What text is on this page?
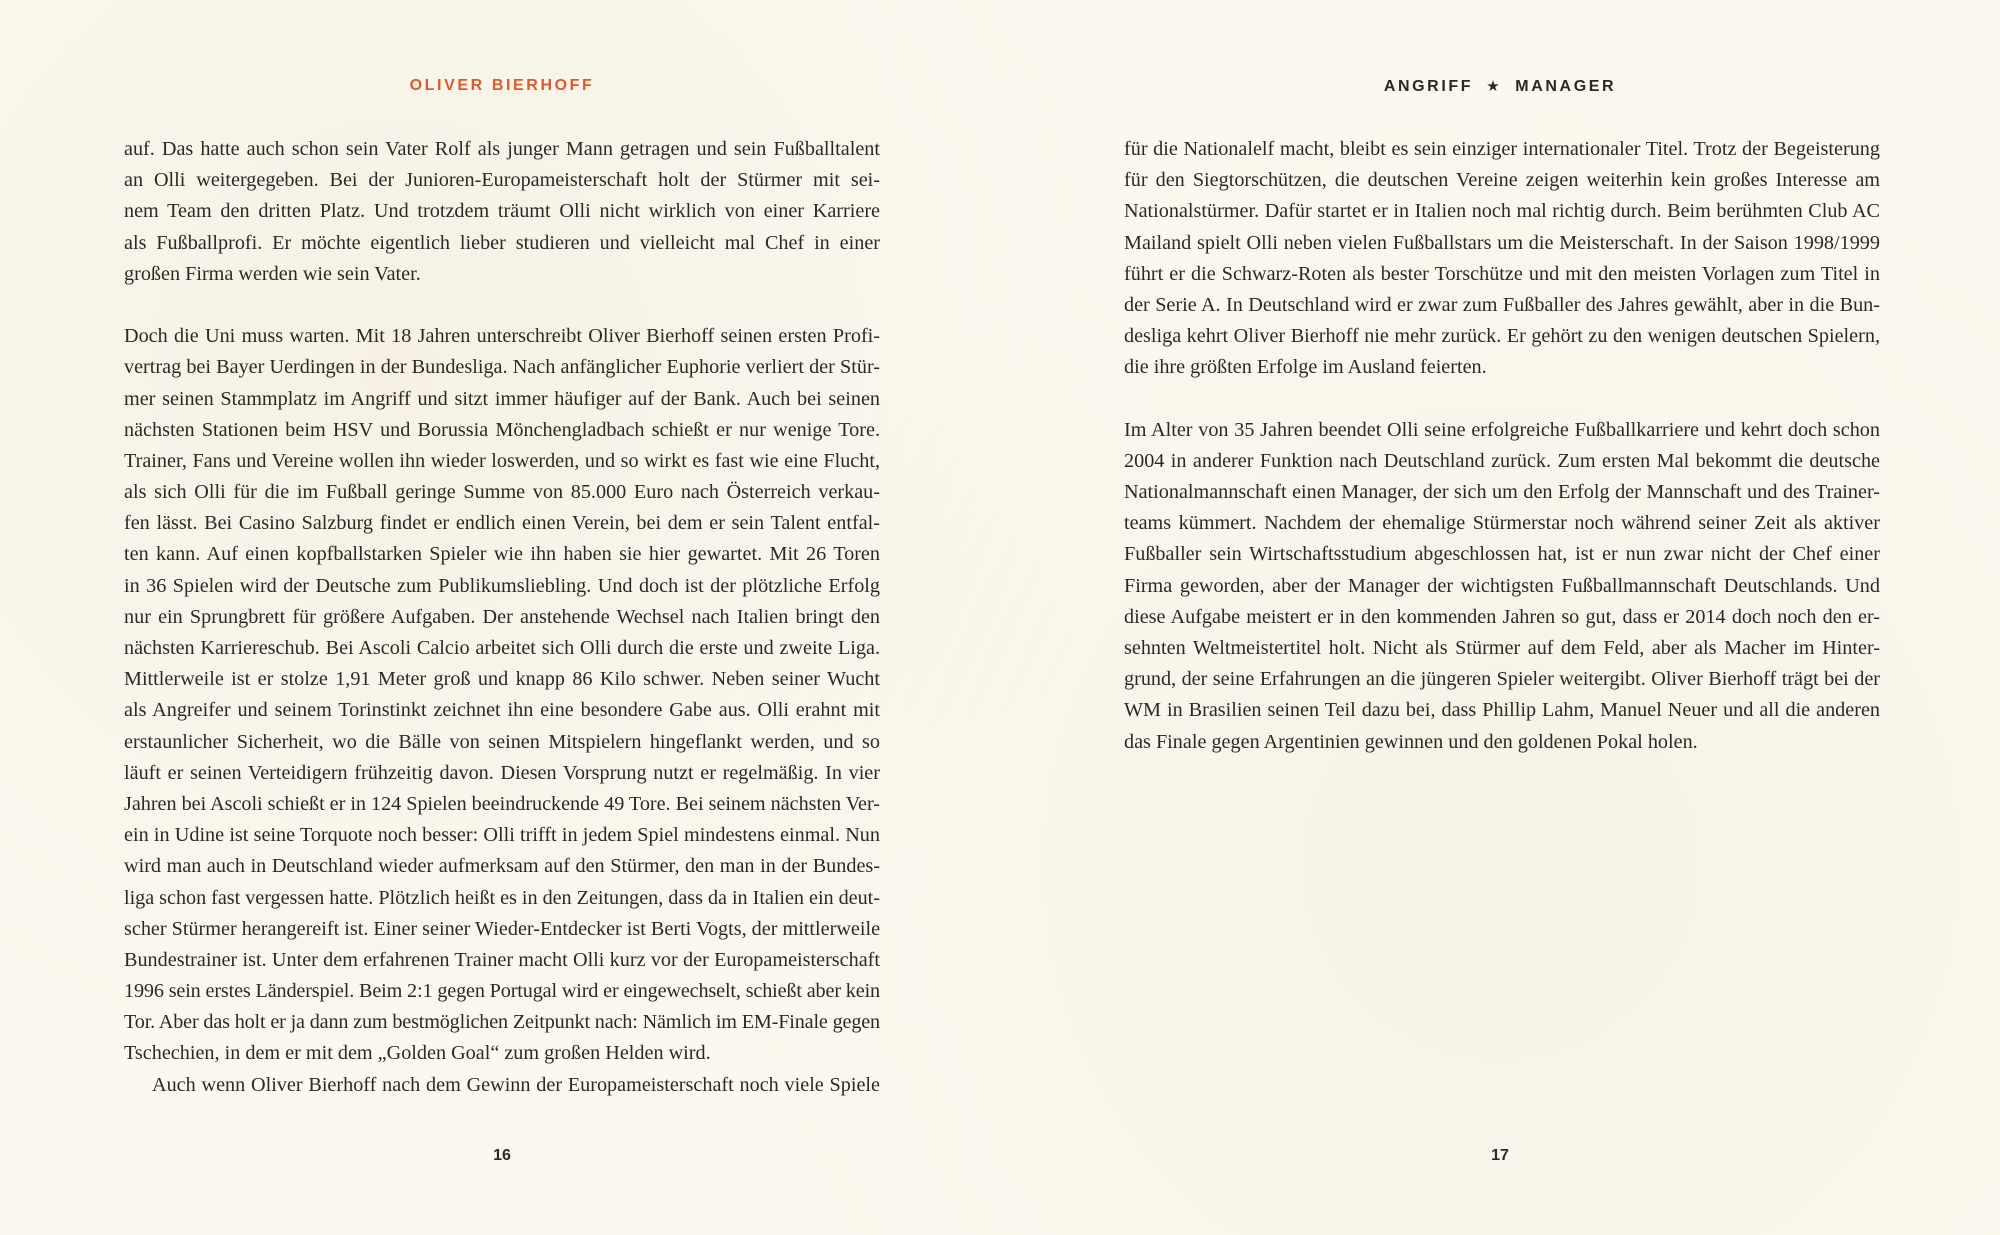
OLIVER BIERHOFF
auf. Das hatte auch schon sein Vater Rolf als junger Mann getragen und sein Fußballtalent
an Olli weitergegeben. Bei der Junioren-Europameisterschaft holt der Stürmer mit sei-
nem Team den dritten Platz. Und trotzdem träumt Olli nicht wirklich von einer Karriere
als Fußballprofi. Er möchte eigentlich lieber studieren und vielleicht mal Chef in einer
großen Firma werden wie sein Vater.
Doch die Uni muss warten. Mit 18 Jahren unterschreibt Oliver Bierhoff seinen ersten Profi-
vertrag bei Bayer Uerdingen in der Bundesliga. Nach anfänglicher Euphorie verliert der Stür-
mer seinen Stammplatz im Angriff und sitzt immer häufiger auf der Bank. Auch bei seinen
nächsten Stationen beim HSV und Borussia Mönchengladbach schießt er nur wenige Tore.
Trainer, Fans und Vereine wollen ihn wieder loswerden, und so wirkt es fast wie eine Flucht,
als sich Olli für die im Fußball geringe Summe von 85.000 Euro nach Österreich verkau-
fen lässt. Bei Casino Salzburg findet er endlich einen Verein, bei dem er sein Talent entfal-
ten kann. Auf einen kopfballstarken Spieler wie ihn haben sie hier gewartet. Mit 26 Toren
in 36 Spielen wird der Deutsche zum Publikumsliebling. Und doch ist der plötzliche Erfolg
nur ein Sprungbrett für größere Aufgaben. Der anstehende Wechsel nach Italien bringt den
nächsten Karriereschub. Bei Ascoli Calcio arbeitet sich Olli durch die erste und zweite Liga.
Mittlerweile ist er stolze 1,91 Meter groß und knapp 86 Kilo schwer. Neben seiner Wucht
als Angreifer und seinem Torinstinkt zeichnet ihn eine besondere Gabe aus. Olli erahnt mit
erstaunlicher Sicherheit, wo die Bälle von seinen Mitspielern hingeflankt werden, und so
läuft er seinen Verteidigern frühzeitig davon. Diesen Vorsprung nutzt er regelmäßig. In vier
Jahren bei Ascoli schießt er in 124 Spielen beeindruckende 49 Tore. Bei seinem nächsten Ver-
ein in Udine ist seine Torquote noch besser: Olli trifft in jedem Spiel mindestens einmal. Nun
wird man auch in Deutschland wieder aufmerksam auf den Stürmer, den man in der Bundes-
liga schon fast vergessen hatte. Plötzlich heißt es in den Zeitungen, dass da in Italien ein deut-
scher Stürmer herangereift ist. Einer seiner Wieder-Entdecker ist Berti Vogts, der mittlerweile
Bundestrainer ist. Unter dem erfahrenen Trainer macht Olli kurz vor der Europameisterschaft
1996 sein erstes Länderspiel. Beim 2:1 gegen Portugal wird er eingewechselt, schießt aber kein
Tor. Aber das holt er ja dann zum bestmöglichen Zeitpunkt nach: Nämlich im EM-Finale gegen
Tschechien, in dem er mit dem „Golden Goal“ zum großen Helden wird.
Auch wenn Oliver Bierhoff nach dem Gewinn der Europameisterschaft noch viele Spiele
16
ANGRIFF ★ MANAGER
für die Nationalelf macht, bleibt es sein einziger internationaler Titel. Trotz der Begeisterung
für den Siegtorschützen, die deutschen Vereine zeigen weiterhin kein großes Interesse am
Nationalstürmer. Dafür startet er in Italien noch mal richtig durch. Beim berühmten Club AC
Mailand spielt Olli neben vielen Fußballstars um die Meisterschaft. In der Saison 1998/1999
führt er die Schwarz-Roten als bester Torschütze und mit den meisten Vorlagen zum Titel in
der Serie A. In Deutschland wird er zwar zum Fußballer des Jahres gewählt, aber in die Bun-
desliga kehrt Oliver Bierhoff nie mehr zurück. Er gehört zu den wenigen deutschen Spielern,
die ihre größten Erfolge im Ausland feierten.
Im Alter von 35 Jahren beendet Olli seine erfolgreiche Fußballkarriere und kehrt doch schon
2004 in anderer Funktion nach Deutschland zurück. Zum ersten Mal bekommt die deutsche
Nationalmannschaft einen Manager, der sich um den Erfolg der Mannschaft und des Trainer-
teams kümmert. Nachdem der ehemalige Stürmerstar noch während seiner Zeit als aktiver
Fußballer sein Wirtschaftsstudium abgeschlossen hat, ist er nun zwar nicht der Chef einer
Firma geworden, aber der Manager der wichtigsten Fußballmannschaft Deutschlands. Und
diese Aufgabe meistert er in den kommenden Jahren so gut, dass er 2014 doch noch den er-
sehnten Weltmeistertitel holt. Nicht als Stürmer auf dem Feld, aber als Macher im Hinter-
grund, der seine Erfahrungen an die jüngeren Spieler weitergibt. Oliver Bierhoff trägt bei der
WM in Brasilien seinen Teil dazu bei, dass Phillip Lahm, Manuel Neuer und all die anderen
das Finale gegen Argentinien gewinnen und den goldenen Pokal holen.
17
